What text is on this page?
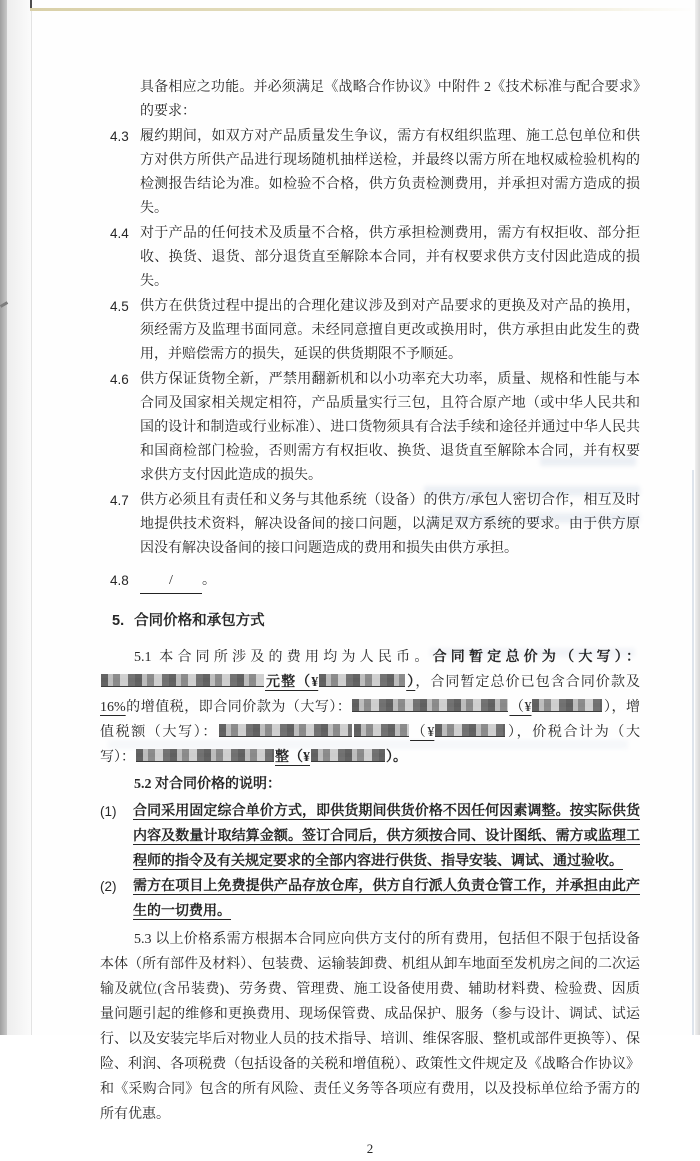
具备相应之功能。并必须满足《战略合作协议》中附件 2《技术标准与配合要求》的要求：
4.3 履约期间，如双方对产品质量发生争议，需方有权组织监理、施工总包单位和供方对供方所供产品进行现场随机抽样送检，并最终以需方所在地权威检验机构的检测报告结论为准。如检验不合格，供方负责检测费用，并承担对需方造成的损失。
4.4 对于产品的任何技术及质量不合格，供方承担检测费用，需方有权拒收、部分拒收、换货、退货、部分退货直至解除本合同，并有权要求供方支付因此造成的损失。
4.5 供方在供货过程中提出的合理化建议涉及到对产品要求的更换及对产品的换用，须经需方及监理书面同意。未经同意擅自更改或换用时，供方承担由此发生的费用，并赔偿需方的损失，延误的供货期限不予顺延。
4.6 供方保证货物全新，严禁用翻新机和以小功率充大功率，质量、规格和性能与本合同及国家相关规定相符，产品质量实行三包，且符合原产地（或中华人民共和国的设计和制造或行业标准）、进口货物须具有合法手续和途径并通过中华人民共和国商检部门检验，否则需方有权拒收、换货、退货直至解除本合同，并有权要求供方支付因此造成的损失。
4.7 供方必须且有责任和义务与其他系统（设备）的供方/承包人密切合作，相互及时地提供技术资料，解决设备间的接口问题，以满足双方系统的要求。由于供方原因没有解决设备间的接口问题造成的费用和损失由供方承担。
4.8	/ 。
5. 合同价格和承包方式

5.1 本合同所涉及的费用均为人民币。合同暂定总价为（大写）：元整（¥	），合同暂定总价已包含合同价款及 16%的增值税，即合同价款为（大写）：	（¥	），增值税额（大写）：	（¥	），价税合计为（大写）：	整（¥	）。

5.2 对合同价格的说明：
(1) 合同采用固定综合单价方式，即供货期间供货价格不因任何因素调整。按实际供货内容及数量计取结算金额。签订合同后，供方须按合同、设计图纸、需方或监理工程师的指令及有关规定要求的全部内容进行供货、指导安装、调试、通过验收。
(2) 需方在项目上免费提供产品存放仓库，供方自行派人负责仓管工作，并承担由此产生的一切费用。

5.3 以上价格系需方根据本合同应向供方支付的所有费用，包括但不限于包括设备本体（所有部件及材料）、包装费、运输装卸费、机组从卸车地面至发机房之间的二次运输及就位(含吊装费)、劳务费、管理费、施工设备使用费、辅助材料费、检验费、因质量问题引起的维修和更换费用、现场保管费、成品保护、服务（参与设计、调试、试运行、以及安装完毕后对物业人员的技术指导、培训、维保客服、整机或部件更换等）、保险、利润、各项税费（包括设备的关税和增值税）、政策性文件规定及《战略合作协议》和《采购合同》包含的所有风险、责任义务等各项应有费用，以及投标单位给予需方的所有优惠。

2
